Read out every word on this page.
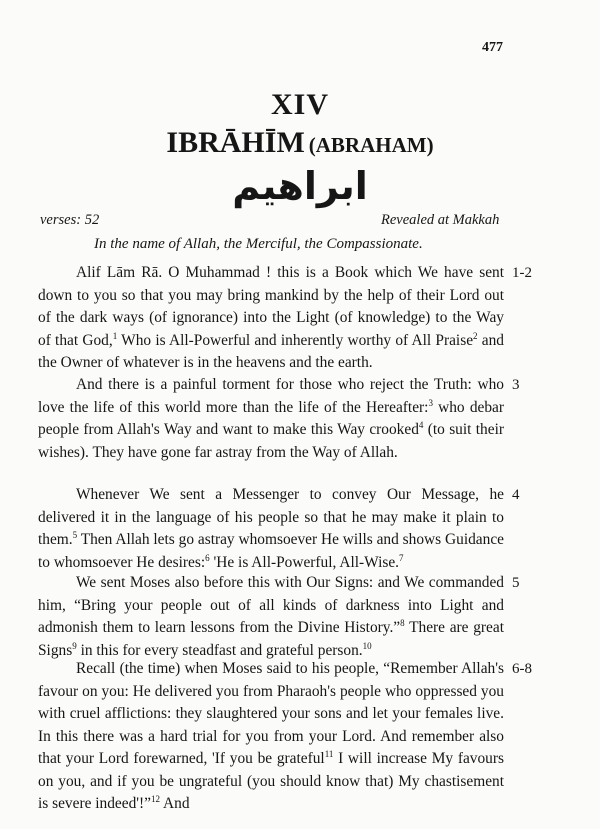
477
XIV
IBRĀHĪM (ABRAHAM)
ابراهيم
verses: 52	Revealed at Makkah
In the name of Allah, the Merciful, the Compassionate.

Alif Lām Rā. O Muhammad ! this is a Book which We have sent down to you so that you may bring mankind by the help of their Lord out of the dark ways (of ignorance) into the Light (of knowledge) to the Way of that God,$^1$ Who is All-Powerful and inherently worthy of All Praise$^2$ and the Owner of whatever is in the heavens and the earth.

1-2

And there is a painful torment for those who reject the Truth: who love the life of this world more than the life of the Hereafter:$^3$ who debar people from Allah's Way and want to make this Way crooked$^4$ (to suit their wishes). They have gone far astray from the Way of Allah.

3

Whenever We sent a Messenger to convey Our Message, he delivered it in the language of his people so that he may make it plain to them.$^5$ Then Allah lets go astray whomsoever He wills and shows Guidance to whomsoever He desires:$^6$ 'He is All-Powerful, All-Wise.$^7$

4

We sent Moses also before this with Our Signs: and We commanded him, “Bring your people out of all kinds of darkness into Light and admonish them to learn lessons from the Divine History.”$^8$ There are great Signs$^9$ in this for every steadfast and grateful person.$^{10}$

5

Recall (the time) when Moses said to his people, “Remember Allah's favour on you: He delivered you from Pharaoh's people who oppressed you with cruel afflictions: they slaughtered your sons and let your females live. In this there was a hard trial for you from your Lord. And remember also that your Lord forewarned, 'If you be grateful$^{11}$ I will increase My favours on you, and if you be ungrateful (you should know that) My chastisement is severe indeed'!”$^{12}$ And

6-8
